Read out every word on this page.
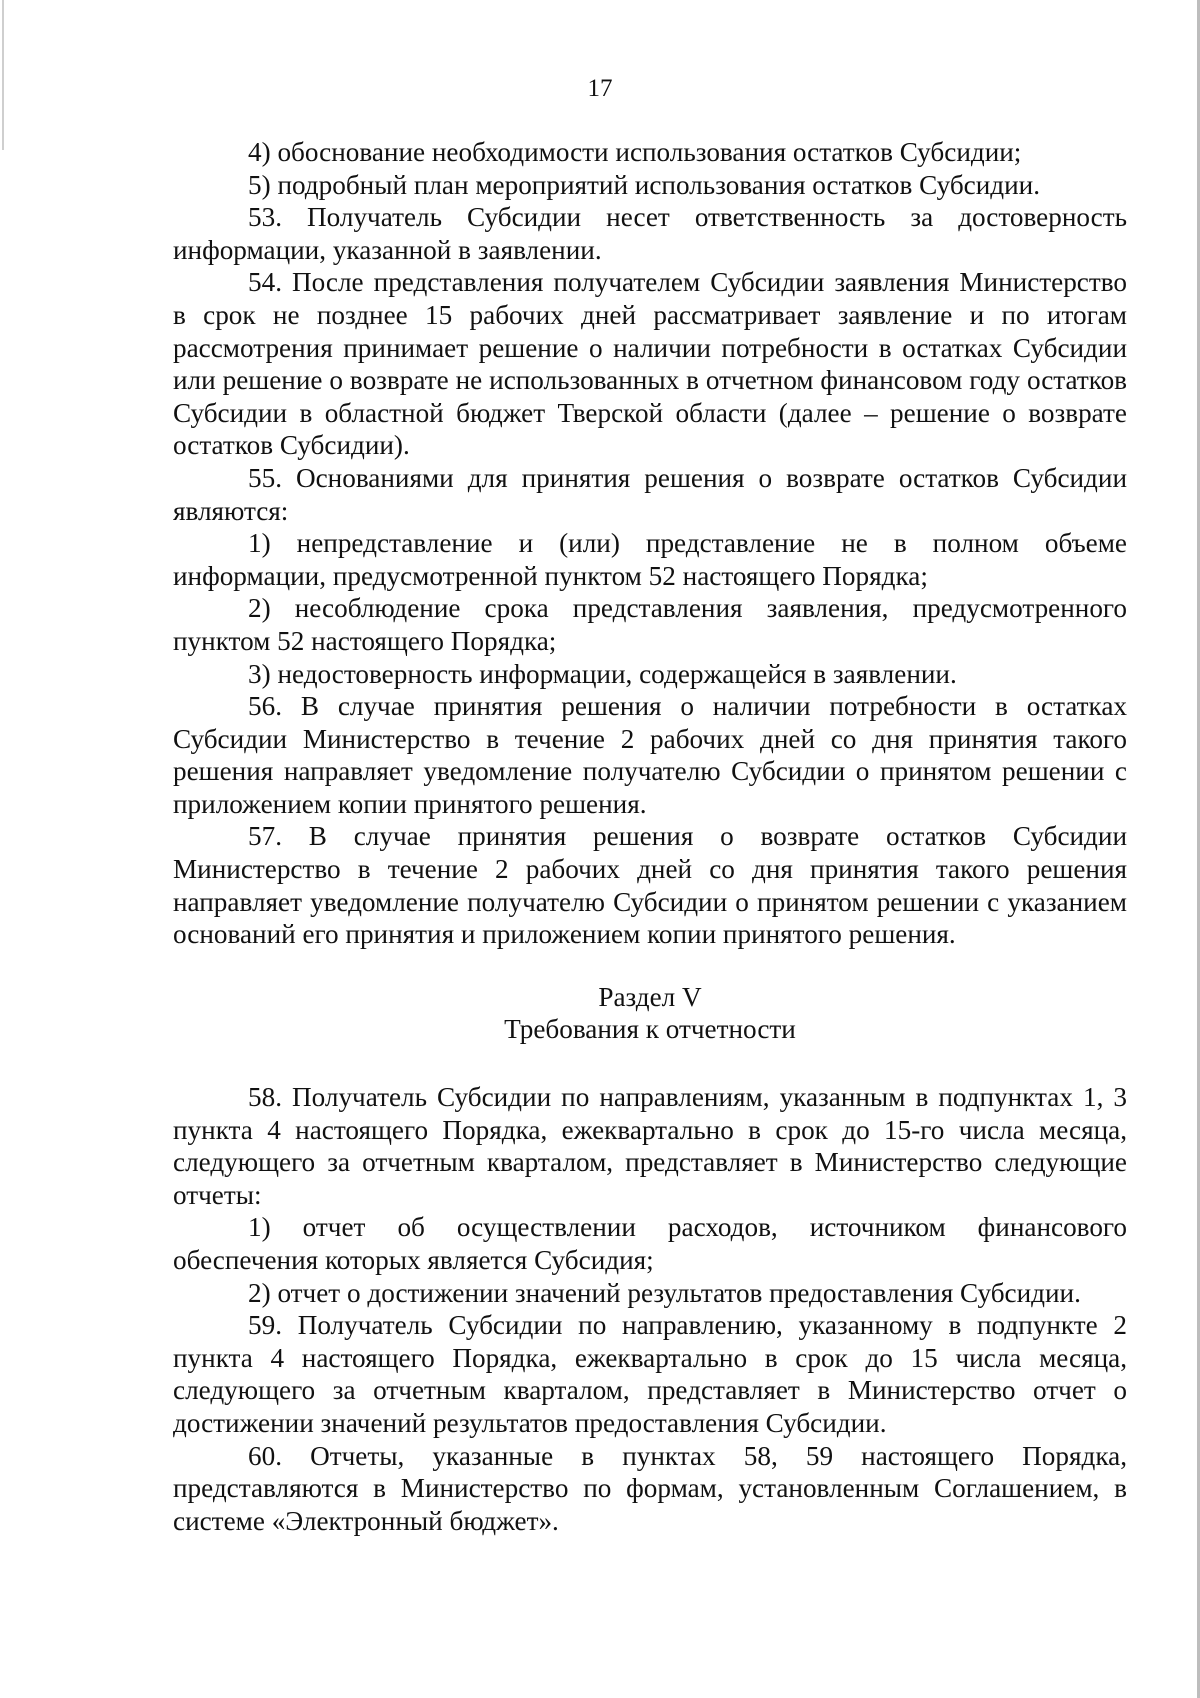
17

4) обоснование необходимости использования остатков Субсидии;

5) подробный план мероприятий использования остатков Субсидии.

53. Получатель Субсидии несет ответственность за достоверность информации, указанной в заявлении.

54. После представления получателем Субсидии заявления Министерство в срок не позднее 15 рабочих дней рассматривает заявление и по итогам рассмотрения принимает решение о наличии потребности в остатках Субсидии или решение о возврате не использованных в отчетном финансовом году остатков Субсидии в областной бюджет Тверской области (далее – решение о возврате остатков Субсидии).

55. Основаниями для принятия решения о возврате остатков Субсидии являются:

1) непредставление и (или) представление не в полном объеме информации, предусмотренной пунктом 52 настоящего Порядка;

2) несоблюдение срока представления заявления, предусмотренного пунктом 52 настоящего Порядка;

3) недостоверность информации, содержащейся в заявлении.

56. В случае принятия решения о наличии потребности в остатках Субсидии Министерство в течение 2 рабочих дней со дня принятия такого решения направляет уведомление получателю Субсидии о принятом решении с приложением копии принятого решения.

57. В случае принятия решения о возврате остатков Субсидии Министерство в течение 2 рабочих дней со дня принятия такого решения направляет уведомление получателю Субсидии о принятом решении с указанием оснований его принятия и приложением копии принятого решения.

Раздел V

Требования к отчетности

58. Получатель Субсидии по направлениям, указанным в подпунктах 1, 3 пункта 4 настоящего Порядка, ежеквартально в срок до 15-го числа месяца, следующего за отчетным кварталом, представляет в Министерство следующие отчеты:

1) отчет об осуществлении расходов, источником финансового обеспечения которых является Субсидия;

2) отчет о достижении значений результатов предоставления Субсидии.

59. Получатель Субсидии по направлению, указанному в подпункте 2 пункта 4 настоящего Порядка, ежеквартально в срок до 15 числа месяца, следующего за отчетным кварталом, представляет в Министерство отчет о достижении значений результатов предоставления Субсидии.

60. Отчеты, указанные в пунктах 58, 59 настоящего Порядка, представляются в Министерство по формам, установленным Соглашением, в системе «Электронный бюджет».
